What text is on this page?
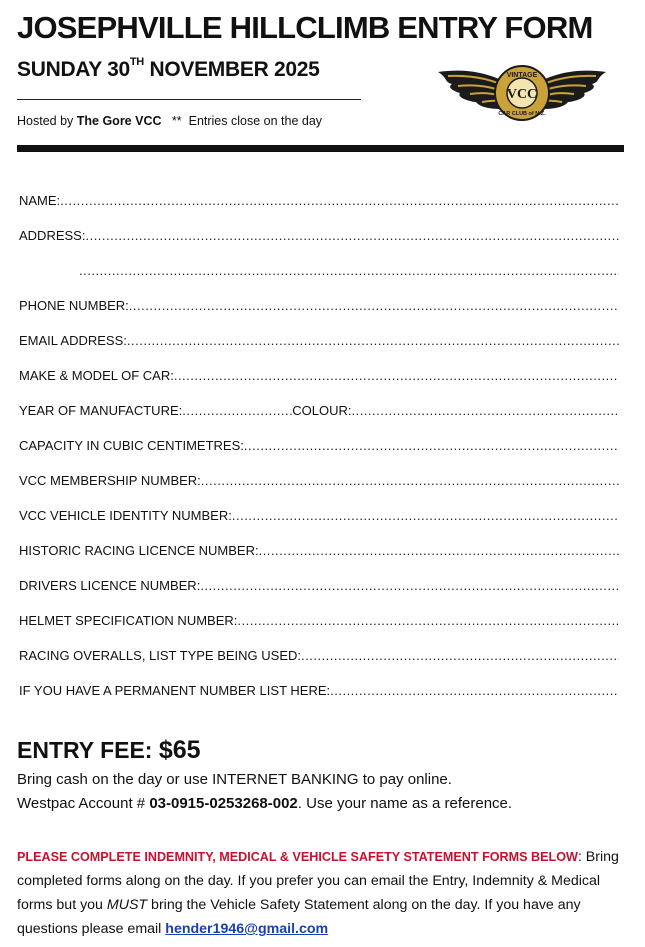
JOSEPHVILLE HILLCLIMB ENTRY FORM
SUNDAY 30TH NOVEMBER 2025
Hosted by The Gore VCC   **  Entries close on the day
VINTAGE
VCC
CAR CLUB of N.Z.
NAME:
.....
ADDRESS:
.....
.....
PHONE NUMBER:
.....
EMAIL ADDRESS:
.....
MAKE & MODEL OF CAR:
.....
YEAR OF MANUFACTURE:
.....	COLOUR:
.....
CAPACITY IN CUBIC CENTIMETRES:
.....
VCC MEMBERSHIP NUMBER:
.....
VCC VEHICLE IDENTITY NUMBER:
.....
HISTORIC RACING LICENCE NUMBER:
.....
DRIVERS LICENCE NUMBER:
.....
HELMET SPECIFICATION NUMBER:
.....
RACING OVERALLS, LIST TYPE BEING USED:
.....
IF YOU HAVE A PERMANENT NUMBER LIST HERE:
.....
ENTRY FEE: $65
Bring cash on the day or use INTERNET BANKING to pay online.
Westpac Account # 03-0915-0253268-002. Use your name as a reference.
PLEASE COMPLETE INDEMNITY, MEDICAL & VEHICLE SAFETY STATEMENT FORMS BELOW: Bring completed forms along on the day. If you prefer you can email the Entry, Indemnity & Medical forms but you MUST bring the Vehicle Safety Statement along on the day. If you have any questions please email hender1946@gmail.com
